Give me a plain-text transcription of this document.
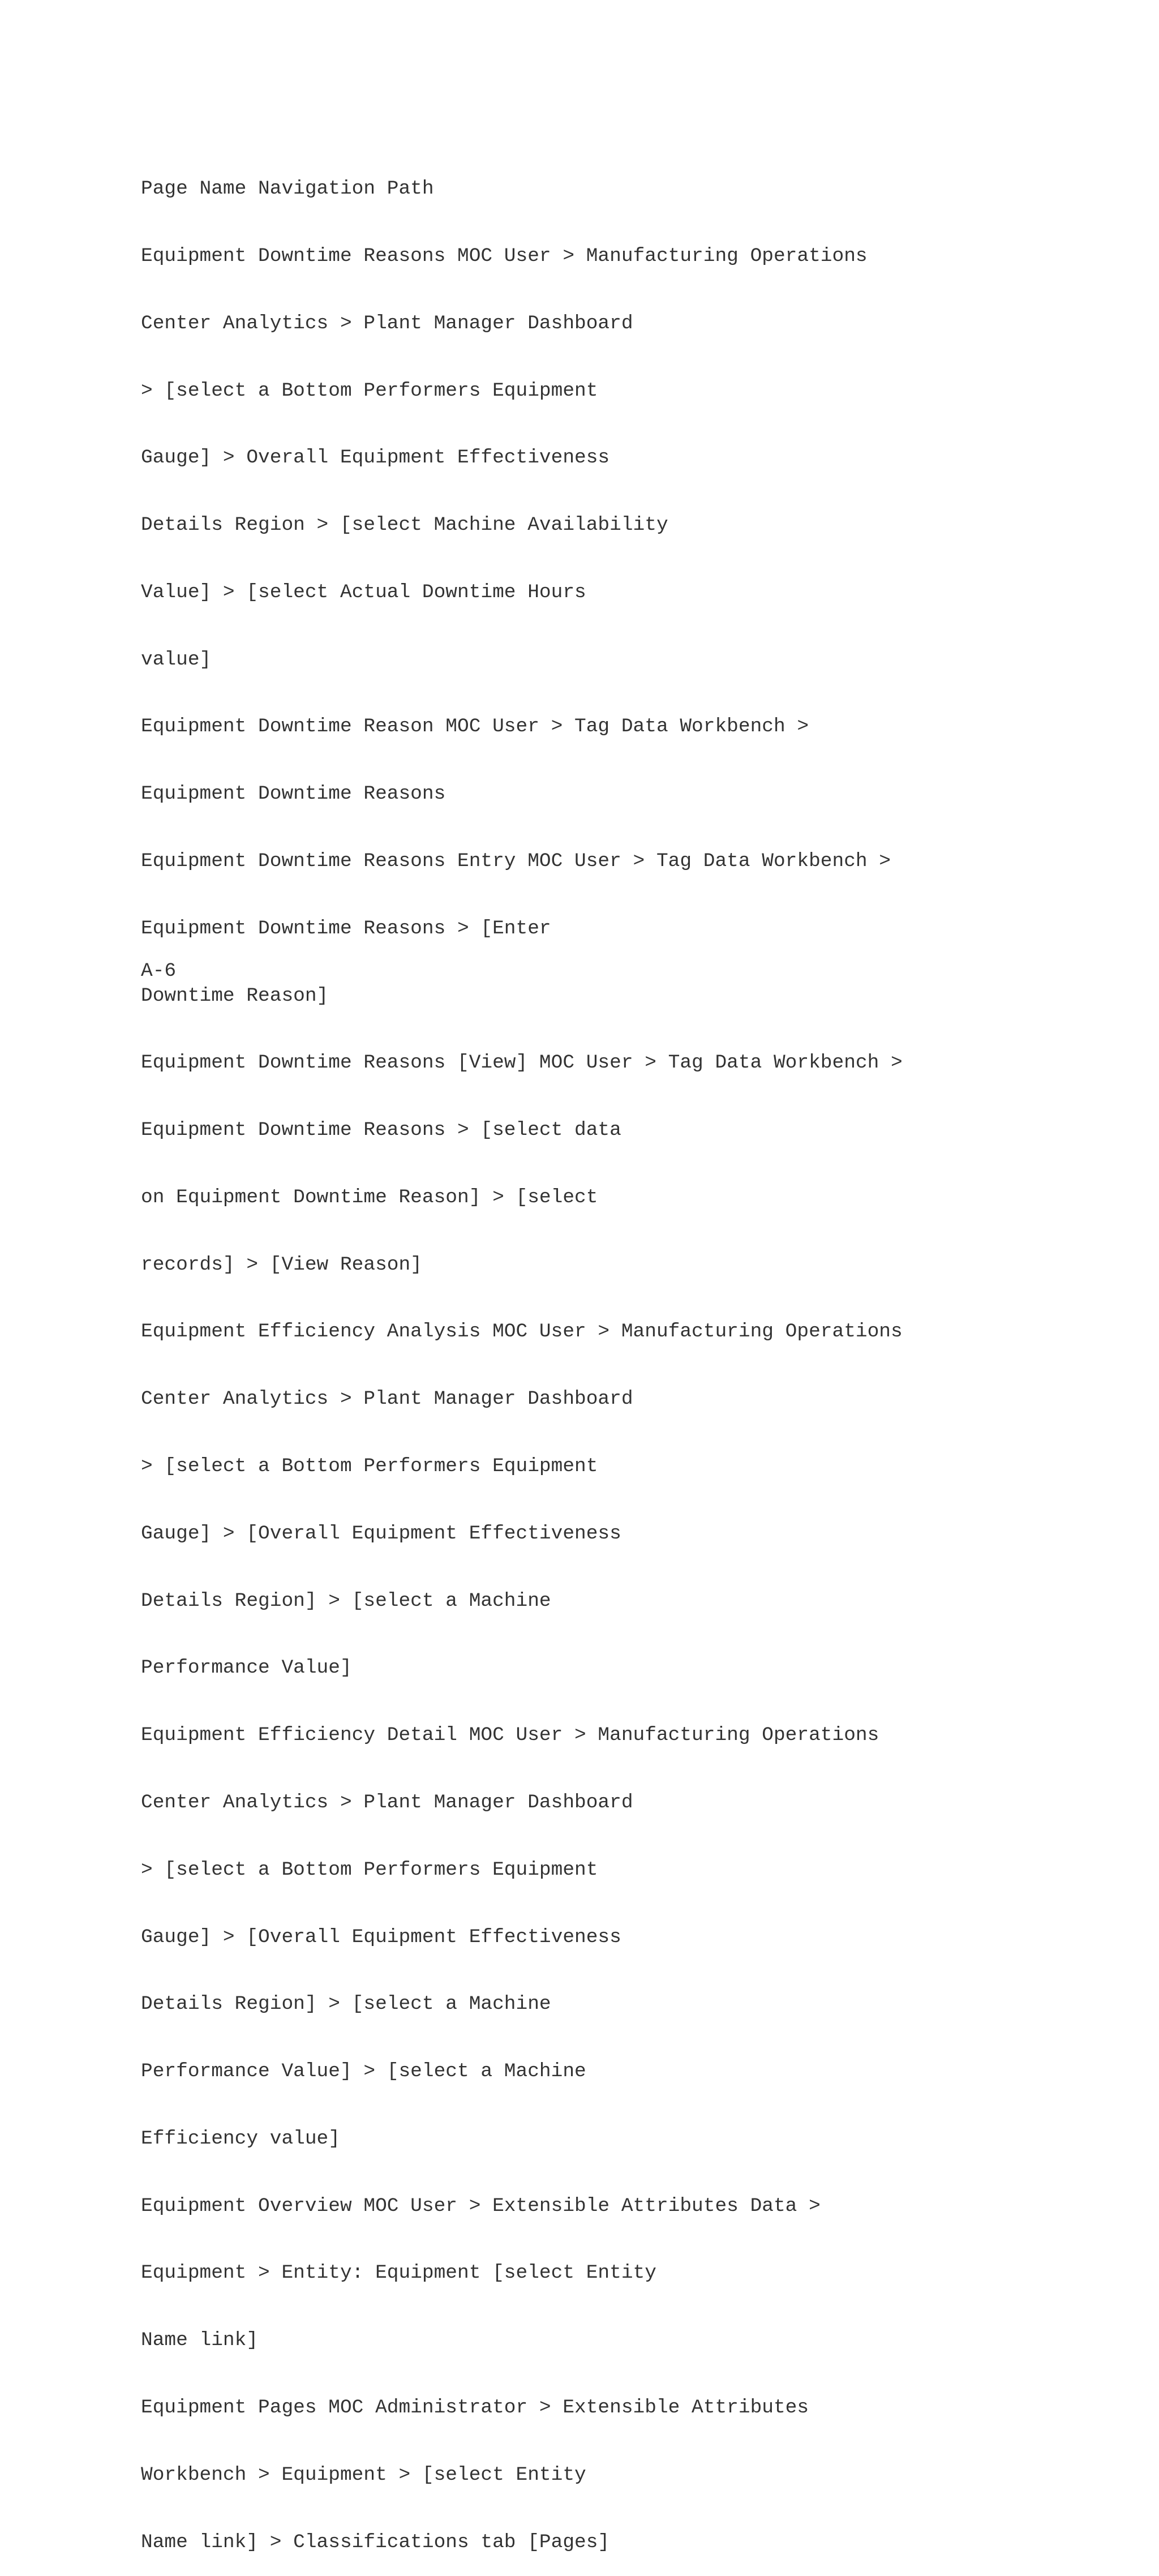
Page Name Navigation Path

Equipment Downtime Reasons MOC User > Manufacturing Operations

Center Analytics > Plant Manager Dashboard

> [select a Bottom Performers Equipment

Gauge] > Overall Equipment Effectiveness

Details Region > [select Machine Availability

Value] > [select Actual Downtime Hours

value]

Equipment Downtime Reason MOC User > Tag Data Workbench >

Equipment Downtime Reasons

Equipment Downtime Reasons Entry MOC User > Tag Data Workbench >

Equipment Downtime Reasons > [Enter

Downtime Reason]

Equipment Downtime Reasons [View] MOC User > Tag Data Workbench >

Equipment Downtime Reasons > [select data

on Equipment Downtime Reason] > [select

records] > [View Reason]

Equipment Efficiency Analysis MOC User > Manufacturing Operations

Center Analytics > Plant Manager Dashboard

> [select a Bottom Performers Equipment

Gauge] > [Overall Equipment Effectiveness

Details Region] > [select a Machine

Performance Value]

Equipment Efficiency Detail MOC User > Manufacturing Operations

Center Analytics > Plant Manager Dashboard

> [select a Bottom Performers Equipment

Gauge] > [Overall Equipment Effectiveness

Details Region] > [select a Machine

Performance Value] > [select a Machine

Efficiency value]

Equipment Overview MOC User > Extensible Attributes Data >

Equipment > Entity: Equipment [select Entity

Name link]

Equipment Pages MOC Administrator > Extensible Attributes

Workbench > Equipment > [select Entity

Name link] > Classifications tab [Pages]

A-6
